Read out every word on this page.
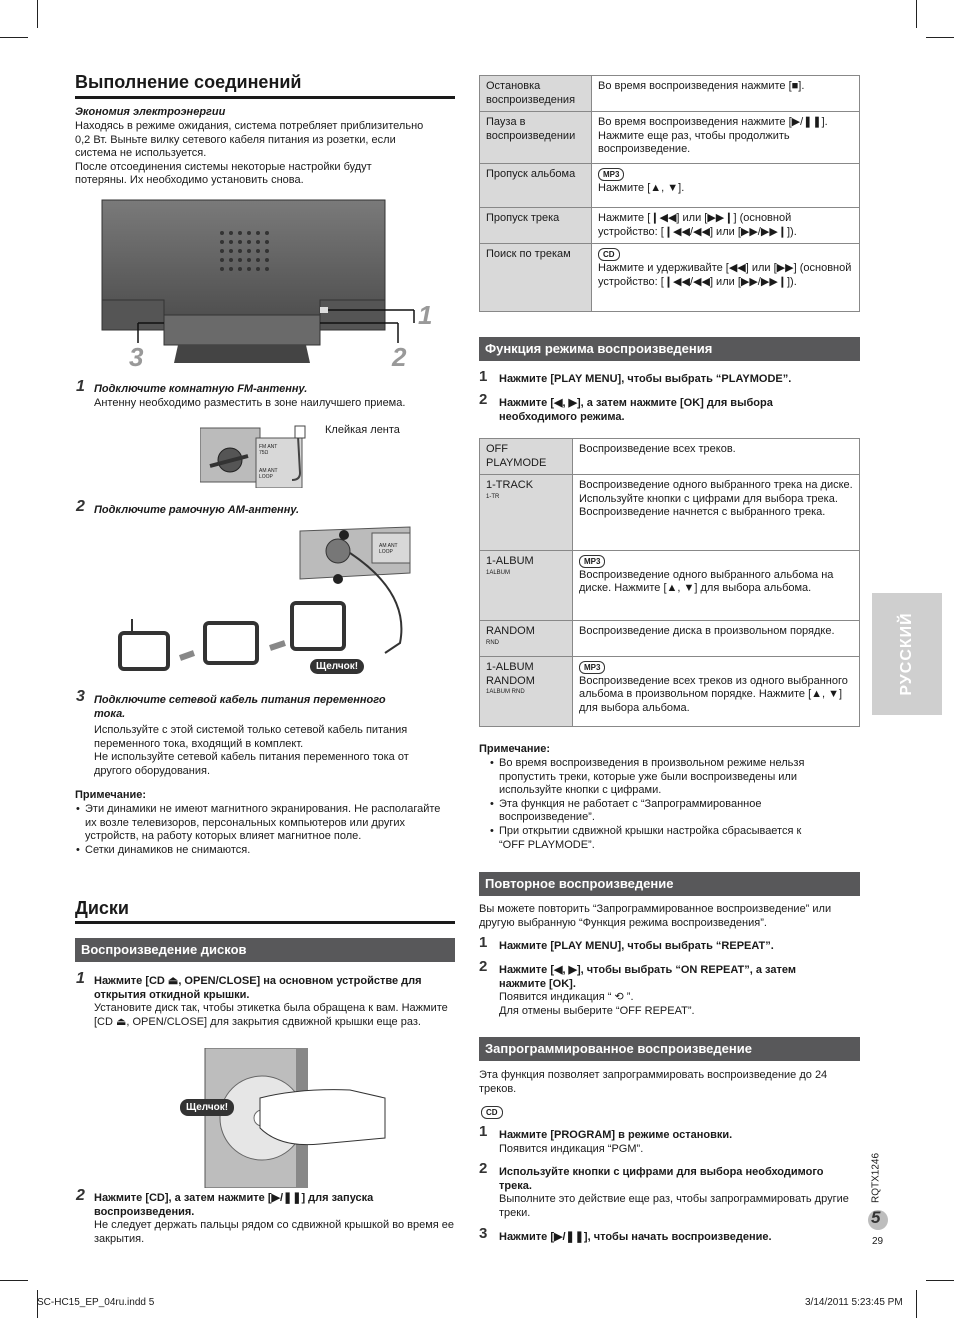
Выполнение соединений
Экономия электроэнергии
Находясь в режиме ожидания, система потребляет приблизительно
0,2 Вт. Выньте вилку сетевого кабеля питания из розетки, если
система не используется.
После отсоединения системы некоторые настройки будут
потеряны. Их необходимо установить снова.
1
2
3
1 Подключите комнатную FM-антенну.
Антенну необходимо разместить в зоне наилучшего приема.
FM ANT
75Ω
AM ANT
LOOP
Клейкая лента
2 Подключите рамочную АМ-антенну.
AM ANT
LOOP
Щелчок!
3 Подключите сетевой кабель питания переменного
тока.
Используйте с этой системой только сетевой кабель питания
переменного тока, входящий в комплект.
Не используйте сетевой кабель питания переменного тока от
другого оборудования.
Примечание:
• Эти динамики не имеют магнитного экранирования. Не располагайте их возле телевизоров, персональных компьютеров или других устройств, на работу которых влияет магнитное поле.
• Сетки динамиков не снимаются.
Диски
Воспроизведение дисков
1 Нажмите [CD ⏏, OPEN/CLOSE] на основном устройстве для открытия откидной крышки.
Установите диск так, чтобы этикетка была обращена к вам. Нажмите [CD ⏏, OPEN/CLOSE] для закрытия сдвижной крышки еще раз.
Щелчок!
2 Нажмите [CD], а затем нажмите [▶/❚❚] для запуска воспроизведения.
Не следует держать пальцы рядом со сдвижной крышкой во время ее закрытия.
Остановка воспроизведения	Во время воспроизведения нажмите [■].
Пауза в воспроизведении	Во время воспроизведения нажмите [▶/❚❚]. Нажмите еще раз, чтобы продолжить воспроизведение.
Пропуск альбома	MP3
Нажмите [▲, ▼].

Пропуск трека	Нажмите [❙◀◀] или [▶▶❙] (основной устройство: [❙◀◀/◀◀] или [▶▶/▶▶❙]).
Поиск по трекам	CD
Нажмите и удерживайте [◀◀] или [▶▶] (основной устройство: [❙◀◀/◀◀] или [▶▶/▶▶❙]).
Функция режима воспроизведения
1 Нажмите [PLAY MENU], чтобы выбрать “PLAYMODE”.
2 Нажмите [◀, ▶], а затем нажмите [OK] для выбора необходимого режима.
OFF PLAYMODE	Воспроизведение всех треков.
1-TRACK
1-TR	Воспроизведение одного выбранного трека на диске. Используйте кнопки с цифрами для выбора трека. Воспроизведение начнется с выбранного трека.
1-ALBUM
1ALBUM	MP3
Воспроизведение одного выбранного альбома на диске. Нажмите [▲, ▼] для выбора альбома.

RANDOM
RND	Воспроизведение диска в произвольном порядке.
1-ALBUM RANDOM
1ALBUM RND	MP3
Воспроизведение всех треков из одного выбранного альбома в произвольном порядке. Нажмите [▲, ▼] для выбора альбома.
Примечание:
• Во время воспроизведения в произвольном режиме нельзя пропустить треки, которые уже были воспроизведены или используйте кнопки с цифрами.
• Эта функция не работает с “Запрограммированное воспроизведение”.
• При открытии сдвижной крышки настройка сбрасывается к “OFF PLAYMODE”.
Повторное воспроизведение
Вы можете повторить “Запрограммированное воспроизведение” или другую выбранную “Функция режима воспроизведения”.
1 Нажмите [PLAY MENU], чтобы выбрать “REPEAT”.
2 Нажмите [◀, ▶], чтобы выбрать “ON REPEAT”, а затем нажмите [OK].
Появится индикация “ ⟲ ”.
Для отмены выберите “OFF REPEAT”.
Запрограммированное воспроизведение
Эта функция позволяет запрограммировать воспроизведение до 24 треков.
CD
1 Нажмите [PROGRAM] в режиме остановки.
Появится индикация “PGM”.
2 Используйте кнопки с цифрами для выбора необходимого трека.
Выполните это действие еще раз, чтобы запрограммировать другие треки.
3 Нажмите [▶/❚❚], чтобы начать воспроизведение.
РУССКИЙ
RQTX1246
5
29
SC-HC15_EP_04ru.indd 5	3/14/2011 5:23:45 PM
